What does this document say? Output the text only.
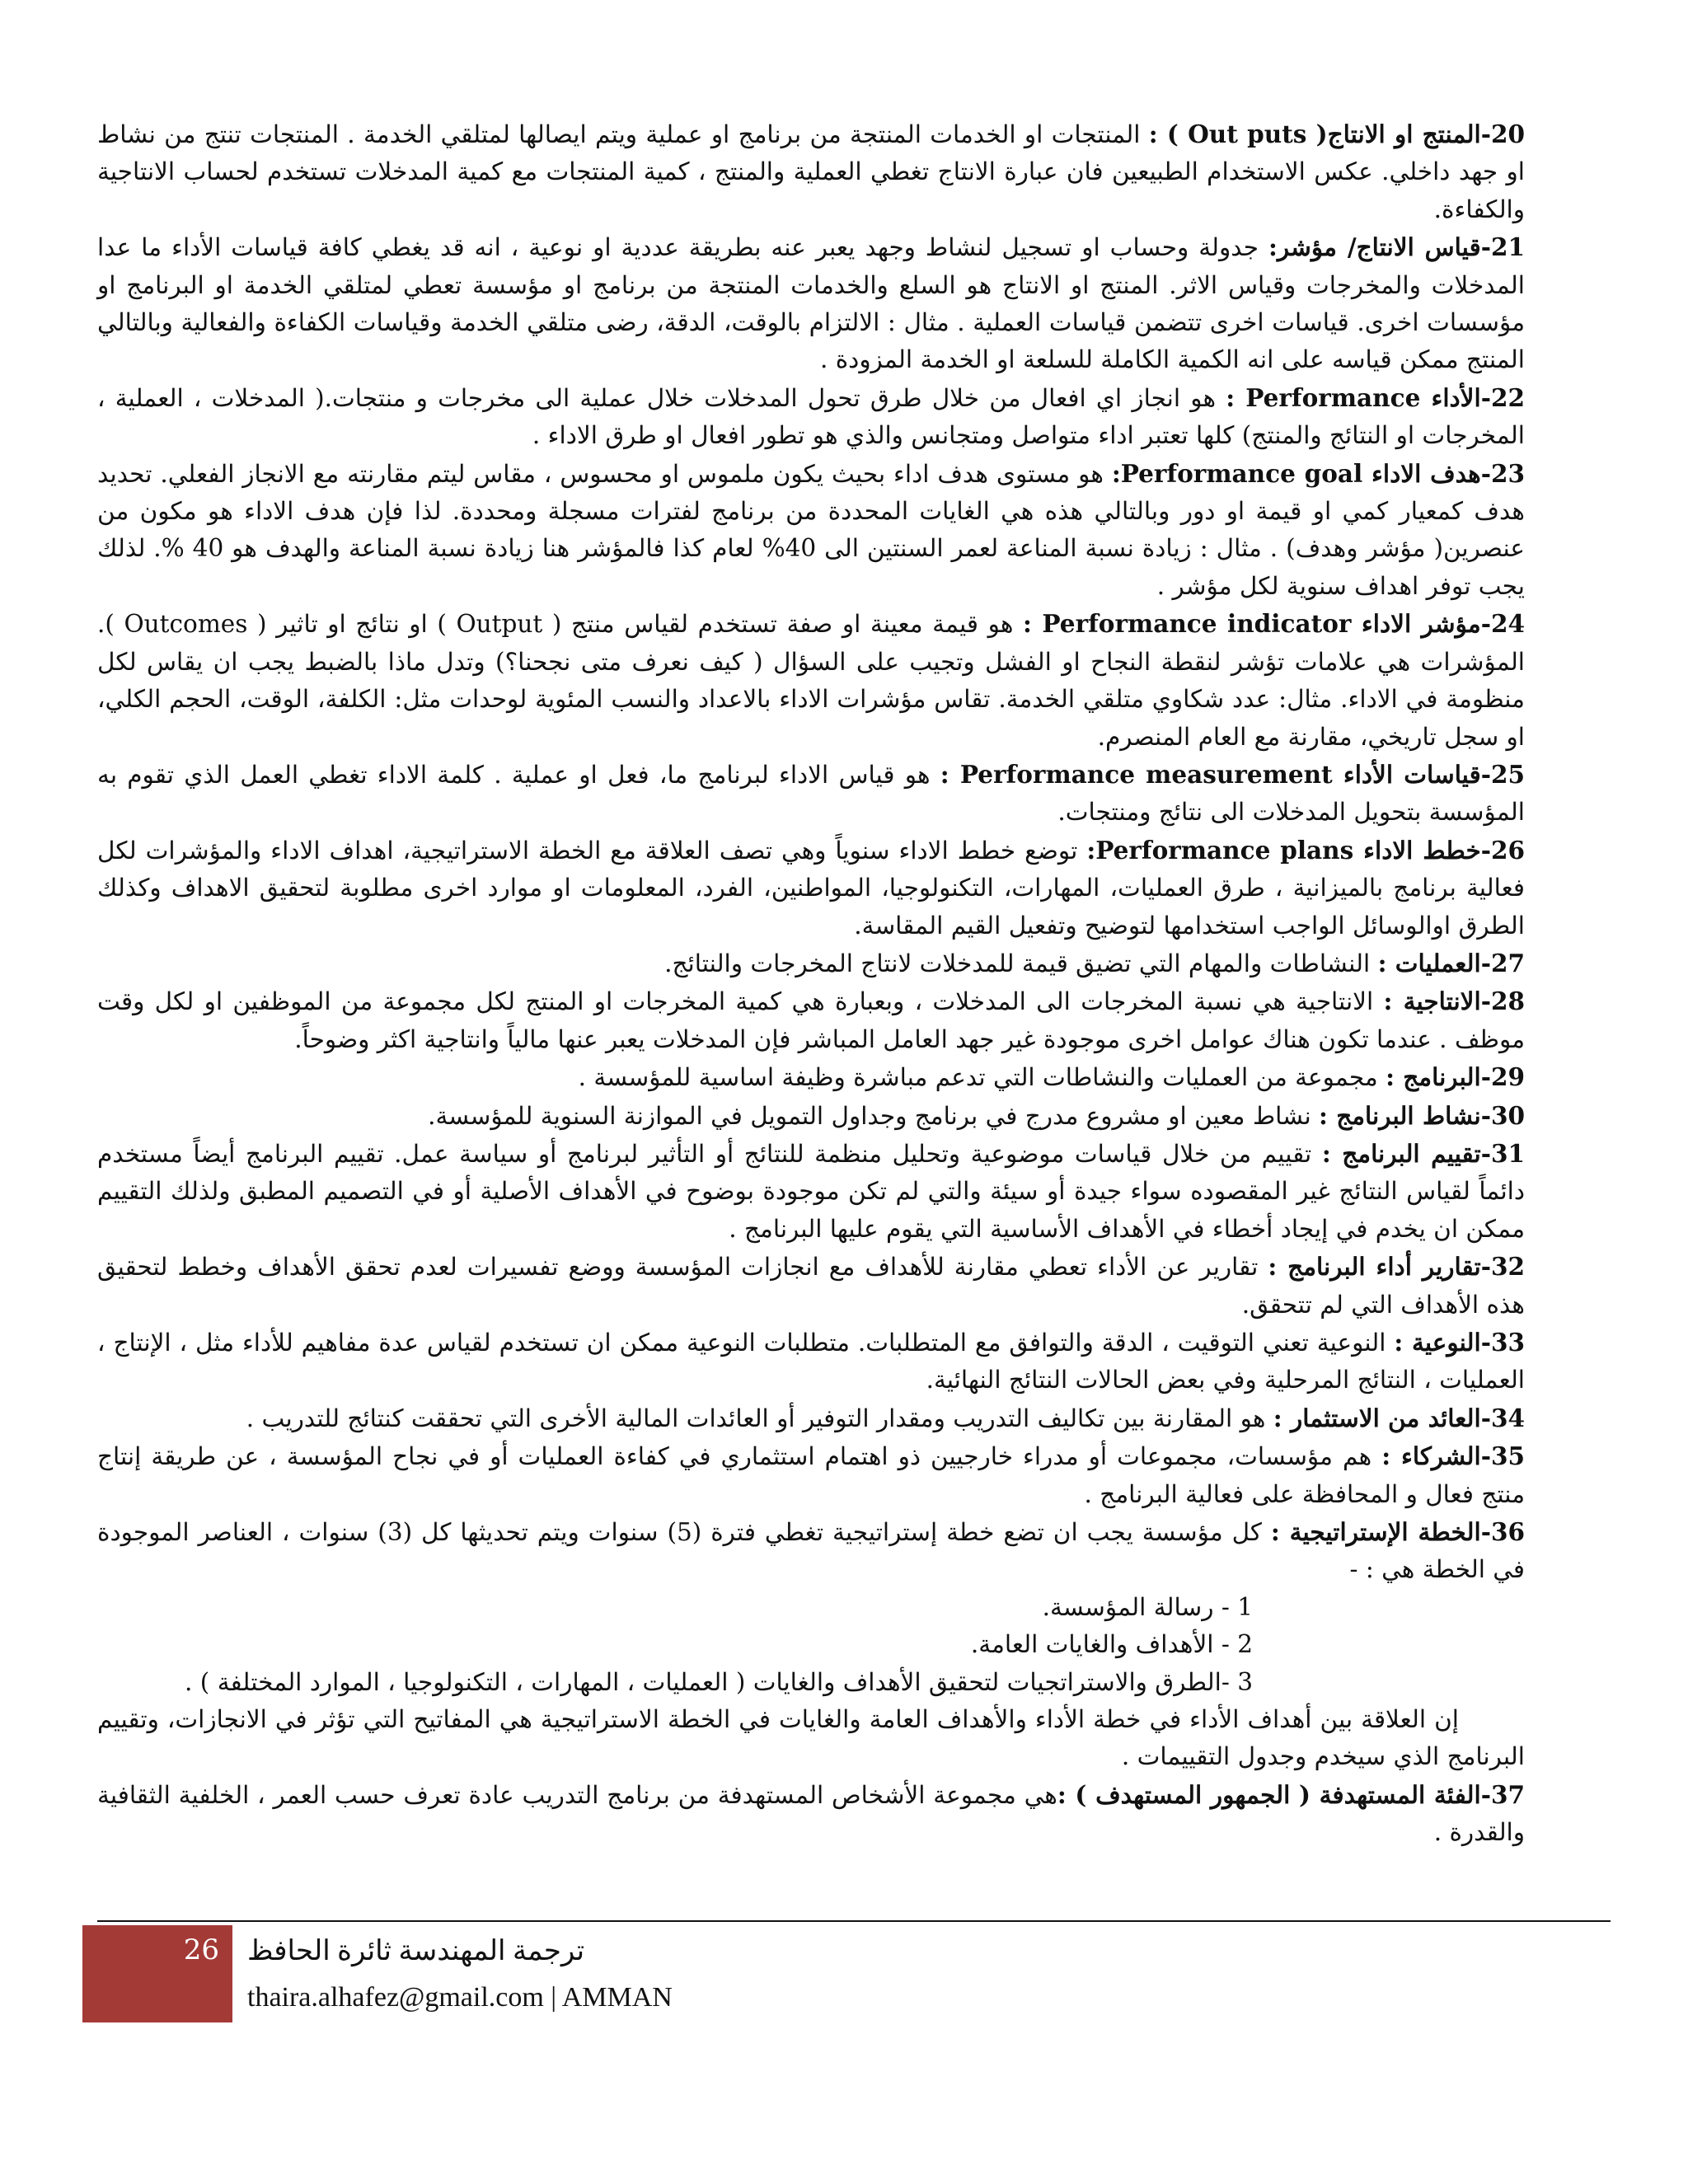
20-المنتج او الانتاج( Out puts ) : المنتجات او الخدمات المنتجة من برنامج او عملية ويتم ايصالها لمتلقي الخدمة . المنتجات تنتج من نشاط او جهد داخلي. عكس الاستخدام الطبيعين فان عبارة الانتاج تغطي العملية والمنتج ، كمية المنتجات مع كمية المدخلات تستخدم لحساب الانتاجية والكفاءة.

21-قياس الانتاج/ مؤشر: جدولة وحساب او تسجيل لنشاط وجهد يعبر عنه بطريقة عددية او نوعية ، انه قد يغطي كافة قياسات الأداء ما عدا المدخلات والمخرجات وقياس الاثر. المنتج او الانتاج هو السلع والخدمات المنتجة من برنامج او مؤسسة تعطي لمتلقي الخدمة او البرنامج او مؤسسات اخرى. قياسات اخرى تتضمن قياسات العملية . مثال : الالتزام بالوقت، الدقة، رضى متلقي الخدمة وقياسات الكفاءة والفعالية وبالتالي المنتج ممكن قياسه على انه الكمية الكاملة للسلعة او الخدمة المزودة .

22-الأداء Performance : هو انجاز اي افعال من خلال طرق تحول المدخلات خلال عملية الى مخرجات و منتجات.( المدخلات ، العملية ، المخرجات او النتائج والمنتج) كلها تعتبر اداء متواصل ومتجانس والذي هو تطور افعال او طرق الاداء .

23-هدف الاداء Performance goal: هو مستوى هدف اداء بحيث يكون ملموس او محسوس ، مقاس ليتم مقارنته مع الانجاز الفعلي. تحديد هدف كمعيار كمي او قيمة او دور وبالتالي هذه هي الغايات المحددة من برنامج لفترات مسجلة ومحددة. لذا فإن هدف الاداء هو مكون من عنصرين( مؤشر وهدف) . مثال : زيادة نسبة المناعة لعمر السنتين الى 40% لعام كذا فالمؤشر هنا زيادة نسبة المناعة والهدف هو 40 %. لذلك يجب توفر اهداف سنوية لكل مؤشر .

24-مؤشر الاداء Performance indicator : هو قيمة معينة او صفة تستخدم لقياس منتج ( Output ) او نتائج او تاثير ( Outcomes ). المؤشرات هي علامات تؤشر لنقطة النجاح او الفشل وتجيب على السؤال ( كيف نعرف متى نجحنا؟) وتدل ماذا بالضبط يجب ان يقاس لكل منظومة في الاداء. مثال: عدد شكاوي متلقي الخدمة. تقاس مؤشرات الاداء بالاعداد والنسب المئوية لوحدات مثل: الكلفة، الوقت، الحجم الكلي، او سجل تاريخي، مقارنة مع العام المنصرم.

25-قياسات الأداء Performance measurement : هو قياس الاداء لبرنامج ما، فعل او عملية . كلمة الاداء تغطي العمل الذي تقوم به المؤسسة بتحويل المدخلات الى نتائج ومنتجات.

26-خطط الاداء Performance plans: توضع خطط الاداء سنوياً وهي تصف العلاقة مع الخطة الاستراتيجية، اهداف الاداء والمؤشرات لكل فعالية برنامج بالميزانية ، طرق العمليات، المهارات، التكنولوجيا، المواطنين، الفرد، المعلومات او موارد اخرى مطلوبة لتحقيق الاهداف وكذلك الطرق اوالوسائل الواجب استخدامها لتوضيح وتفعيل القيم المقاسة.

27-العمليات : النشاطات والمهام التي تضيق قيمة للمدخلات لانتاج المخرجات والنتائج.

28-الانتاجية : الانتاجية هي نسبة المخرجات الى المدخلات ، وبعبارة هي كمية المخرجات او المنتج لكل مجموعة من الموظفين او لكل وقت موظف . عندما تكون هناك عوامل اخرى موجودة غير جهد العامل المباشر فإن المدخلات يعبر عنها مالياً وانتاجية اكثر وضوحاً.

29-البرنامج : مجموعة من العمليات والنشاطات التي تدعم مباشرة وظيفة اساسية للمؤسسة .

30-نشاط البرنامج : نشاط معين او مشروع مدرج في برنامج وجداول التمويل في الموازنة السنوية للمؤسسة.

31-تقييم البرنامج : تقييم من خلال قياسات موضوعية وتحليل منظمة للنتائج أو التأثير لبرنامج أو سياسة عمل. تقييم البرنامج أيضاً مستخدم دائماً لقياس النتائج غير المقصوده سواء جيدة أو سيئة والتي لم تكن موجودة بوضوح في الأهداف الأصلية أو في التصميم المطبق ولذلك التقييم ممكن ان يخدم في إيجاد أخطاء في الأهداف الأساسية التي يقوم عليها البرنامج .

32-تقارير أداء البرنامج : تقارير عن الأداء تعطي مقارنة للأهداف مع انجازات المؤسسة ووضع تفسيرات لعدم تحقق الأهداف وخطط لتحقيق هذه الأهداف التي لم تتحقق.

33-النوعية : النوعية تعني التوقيت ، الدقة والتوافق مع المتطلبات. متطلبات النوعية ممكن ان تستخدم لقياس عدة مفاهيم للأداء مثل ، الإنتاج ، العمليات ، النتائج المرحلية وفي بعض الحالات النتائج النهائية.

34-العائد من الاستثمار : هو المقارنة بين تكاليف التدريب ومقدار التوفير أو العائدات المالية الأخرى التي تحققت كنتائج للتدريب .

35-الشركاء : هم مؤسسات، مجموعات أو مدراء خارجيين ذو اهتمام استثماري في كفاءة العمليات أو في نجاح المؤسسة ، عن طريقة إنتاج منتج فعال و المحافظة على فعالية البرنامج .

36-الخطة الإستراتيجية : كل مؤسسة يجب ان تضع خطة إستراتيجية تغطي فترة (5) سنوات ويتم تحديثها كل (3) سنوات ، العناصر الموجودة في الخطة هي : -

1 - رسالة المؤسسة.

2 - الأهداف والغايات العامة.

3 -الطرق والاستراتجيات لتحقيق الأهداف والغايات ( العمليات ، المهارات ، التكنولوجيا ، الموارد المختلفة ) .

إن العلاقة بين أهداف الأداء في خطة الأداء والأهداف العامة والغايات في الخطة الاستراتيجية هي المفاتيح التي تؤثر في الانجازات، وتقييم البرنامج الذي سيخدم وجدول التقييمات .

37-الفئة المستهدفة ( الجمهور المستهدف ) :هي مجموعة الأشخاص المستهدفة من برنامج التدريب عادة تعرف حسب العمر ، الخلفية الثقافية والقدرة .

26 ترجمة المهندسة ثائرة الحافظ
thaira.alhafez@gmail.com | AMMAN
